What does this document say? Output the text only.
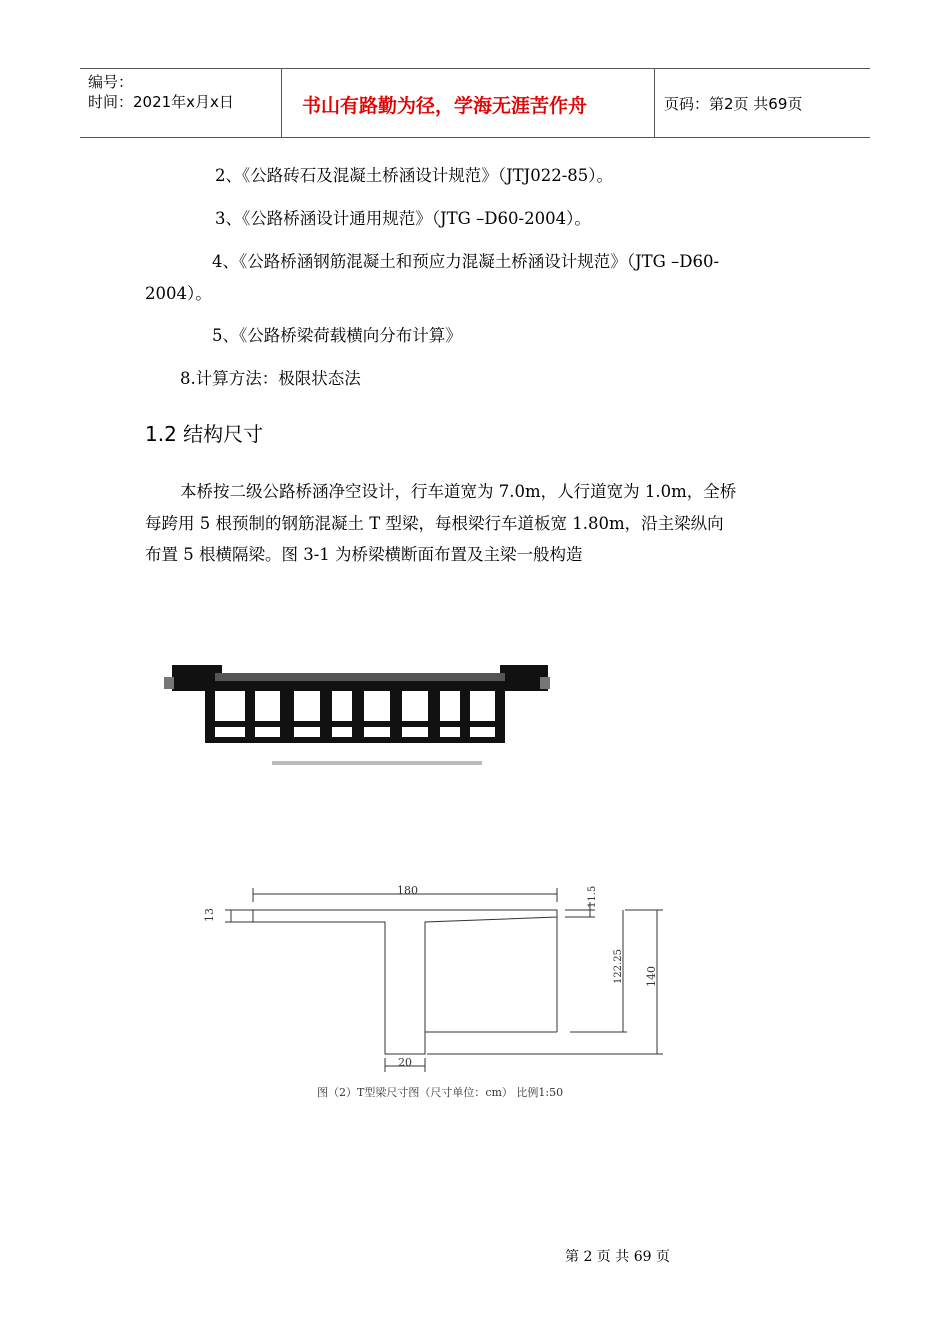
编号：
时间：2021年x月x日	书山有路勤为径，学海无涯苦作舟	页码：第2页 共69页
2、《公路砖石及混凝土桥涵设计规范》（JTJ022-85）。
3、《公路桥涵设计通用规范》（JTG –D60-2004）。
4、《公路桥涵钢筋混凝土和预应力混凝土桥涵设计规范》（JTG –D60-
2004）。
5、《公路桥梁荷载横向分布计算》
8.计算方法：极限状态法
1.2 结构尺寸
本桥按二级公路桥涵净空设计，行车道宽为 7.0m，人行道宽为 1.0m，全桥
每跨用 5 根预制的钢筋混凝土 T 型梁，每根梁行车道板宽 1.80m，沿主梁纵向
布置 5 根横隔梁。图 3-1 为桥梁横断面布置及主梁一般构造
180
13
11.5
122.25 140
20
图（2）T型梁尺寸图（尺寸单位：cm） 比例1:50
第 2 页 共 69 页
